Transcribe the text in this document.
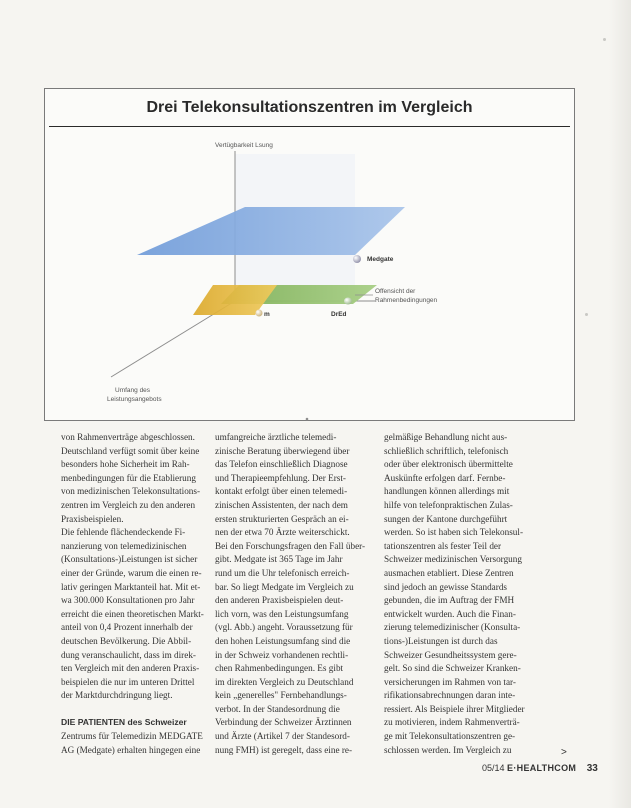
Drei Telekonsultationszentren im Vergleich
Vertügbarkeit Lsung
Medgate
Offensicht der
Rahmenbedingungen
m	DrEd
Umfang des
Leistungsangebots
von Rahmenverträge abgeschlossen.
Deutschland verfügt somit über keine
besonders hohe Sicherheit im Rah-
menbedingungen für die Etablierung
von medizinischen Telekonsultations-
zentren im Vergleich zu den anderen
Praxisbeispielen.
Die fehlende flächendeckende Fi-
nanzierung von telemedizinischen
(Konsultations-)Leistungen ist sicher
einer der Gründe, warum die einen re-
lativ geringen Marktanteil hat. Mit et-
wa 300.000 Konsultationen pro Jahr
erreicht die einen theoretischen Markt-
anteil von 0,4 Prozent innerhalb der
deutschen Bevölkerung. Die Abbil-
dung veranschaulicht, dass im direk-
ten Vergleich mit den anderen Praxis-
beispielen die nur im unteren Drittel
der Marktdurchdringung liegt.
DIE PATIENTEN des Schweizer
Zentrums für Telemedizin MEDGATE
AG (Medgate) erhalten hingegen eine
umfangreiche ärztliche telemedi-
zinische Beratung überwiegend über
das Telefon einschließlich Diagnose
und Therapieempfehlung. Der Erst-
kontakt erfolgt über einen telemedi-
zinischen Assistenten, der nach dem
ersten strukturierten Gespräch an ei-
nen der etwa 70 Ärzte weiterschickt.
Bei den Forschungsfragen den Fall über-
gibt. Medgate ist 365 Tage im Jahr
rund um die Uhr telefonisch erreich-
bar. So liegt Medgate im Vergleich zu
den anderen Praxisbeispielen deut-
lich vorn, was den Leistungsumfang
(vgl. Abb.) angeht. Voraussetzung für
den hohen Leistungsumfang sind die
in der Schweiz vorhandenen rechtli-
chen Rahmenbedingungen. Es gibt
im direkten Vergleich zu Deutschland
kein „generelles" Fernbehandlungs-
verbot. In der Standesordnung die
Verbindung der Schweizer Ärztinnen
und Ärzte (Artikel 7 der Standesord-
nung FMH) ist geregelt, dass eine re-
gelmäßige Behandlung nicht aus-
schließlich schriftlich, telefonisch
oder über elektronisch übermittelte
Auskünfte erfolgen darf. Fernbe-
handlungen können allerdings mit
hilfe von telefonpraktischen Zulas-
sungen der Kantone durchgeführt
werden. So ist haben sich Telekonsul-
tationszentren als fester Teil der
Schweizer medizinischen Versorgung
ausmachen etabliert. Diese Zentren
sind jedoch an gewisse Standards
gebunden, die im Auftrag der FMH
entwickelt wurden. Auch die Finan-
zierung telemedizinischer (Konsulta-
tions-)Leistungen ist durch das
Schweizer Gesundheitssystem gere-
gelt. So sind die Schweizer Kranken-
versicherungen im Rahmen von tar-
rifikationsabrechnungen daran inte-
ressiert. Als Beispiele ihrer Mitglieder
zu motivieren, indem Rahmenverträ-
ge mit Telekonsultationszentren ge-
schlossen werden. Im Vergleich zu
05/14 E·HEALTHCOM 33
>
